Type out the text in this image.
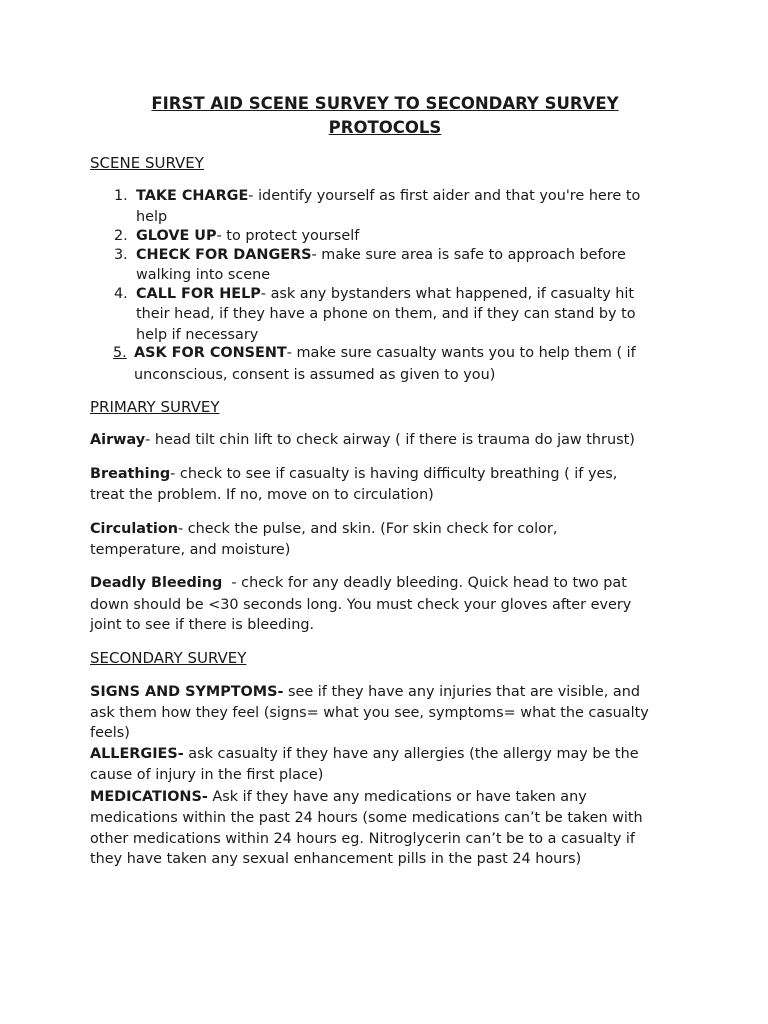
FIRST AID SCENE SURVEY TO SECONDARY SURVEY
PROTOCOLS
SCENE SURVEY
1. TAKE CHARGE- identify yourself as first aider and that you're here to
help
2. GLOVE UP- to protect yourself
3. CHECK FOR DANGERS- make sure area is safe to approach before
walking into scene
4. CALL FOR HELP- ask any bystanders what happened, if casualty hit
their head, if they have a phone on them, and if they can stand by to
help if necessary
5. ASK FOR CONSENT- make sure casualty wants you to help them ( if
unconscious, consent is assumed as given to you)
PRIMARY SURVEY
Airway- head tilt chin lift to check airway ( if there is trauma do jaw thrust)
Breathing- check to see if casualty is having difficulty breathing ( if yes,
treat the problem. If no, move on to circulation)
Circulation- check the pulse, and skin. (For skin check for color,
temperature, and moisture)
Deadly Bleeding  - check for any deadly bleeding. Quick head to two pat
down should be <30 seconds long. You must check your gloves after every
joint to see if there is bleeding.
SECONDARY SURVEY
SIGNS AND SYMPTOMS- see if they have any injuries that are visible, and
ask them how they feel (signs= what you see, symptoms= what the casualty
feels)
ALLERGIES- ask casualty if they have any allergies (the allergy may be the
cause of injury in the first place)
MEDICATIONS- Ask if they have any medications or have taken any
medications within the past 24 hours (some medications can’t be taken with
other medications within 24 hours eg. Nitroglycerin can’t be to a casualty if
they have taken any sexual enhancement pills in the past 24 hours)
